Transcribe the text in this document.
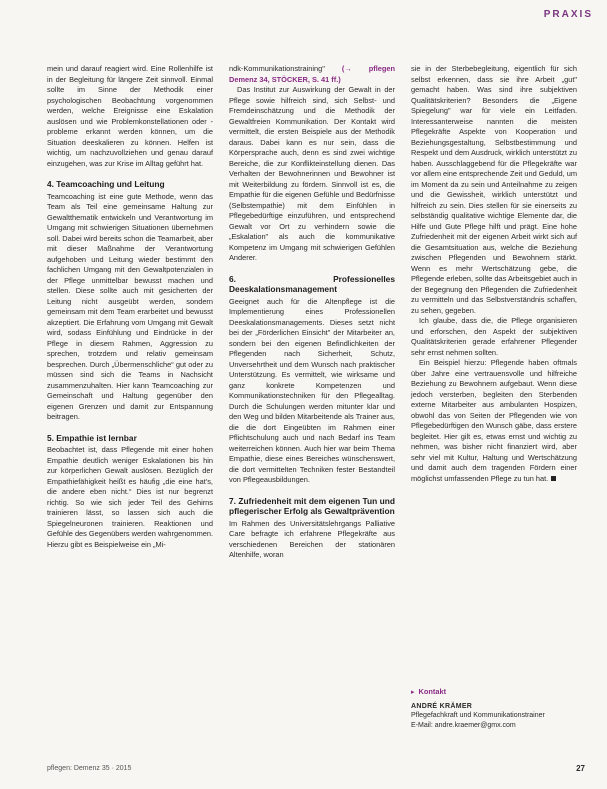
PRAXIS

mein und darauf reagiert wird. Eine Rollenhilfe ist in der Begleitung für längere Zeit sinnvoll. Einmal sollte im Sinne der Methodik einer psychologischen Beobachtung vorgenommen werden, welche Ereignisse eine Eskalation auslösen und wie Problemkonstellationen oder -probleme erkannt werden können, um die Situation deeskalieren zu können. Helfen ist wichtig, um nachzuvollziehen und genau darauf einzugehen, was zur Krise im Alltag geführt hat.

4. Teamcoaching und Leitung

Teamcoaching ist eine gute Methode, wenn das Team als Teil eine gemeinsame Haltung zur Gewaltthematik entwickeln und Verantwortung im Umgang mit schwierigen Situationen übernehmen soll. Dabei wird bereits schon die Teamarbeit, aber mit dieser Maßnahme der Verantwortung aufgehoben und Leitung wieder bestimmt den fachlichen Umgang mit den Gewaltpotenzialen in der Pflege unmittelbar bewusst machen und stellen. Diese sollte auch mit gesicherten der Leitung nicht ausgeübt werden, sondern gemeinsam mit dem Team erarbeitet und bewusst akzeptiert. Die Erfahrung vom Umgang mit Gewalt wird, sodass Einfühlung und Eindrücke in der Pflege in diesem Rahmen, Aggression zu sprechen, trotzdem und relativ gemeinsam besprechen. Durch „Übermenschliche“ gut oder zu müssen sind sich die Teams in Nachsicht zusammenzuhalten. Hier kann Teamcoaching zur Gemeinschaft und Haltung gegenüber den eigenen Grenzen und damit zur Entspannung beitragen.

5. Empathie ist lernbar

Beobachtet ist, dass Pflegende mit einer hohen Empathie deutlich weniger Eskalationen bis hin zur körperlichen Gewalt auslösen. Bezüglich der Empathiefähigkeit heißt es häufig „die eine hat's, die andere eben nicht.“ Dies ist nur begrenzt richtig. So wie sich jeder Teil des Gehirns trainieren lässt, so lassen sich auch die Spiegelneuronen trainieren. Reaktionen und Gefühle des Gegenübers werden wahrgenommen. Hierzu gibt es Beispielweise ein „Mi-

ndk-Kommunikationstraining" (→ pflegen Demenz 34, STÖCKER, S. 41 ff.)

Das Institut zur Auswirkung der Gewalt in der Pflege sowie hilfreich sind, sich Selbst- und Fremdeinschätzung und die Methodik der Gewaltfreien Kommunikation. Der Kontakt wird vermittelt, die ersten Beispiele aus der Methodik daraus. Dabei kann es nur sein, dass die Körpersprache auch, denn es sind zwei wichtige Bereiche, die zur Konflikteinstellung dienen. Das Verhalten der Bewohnerinnen und Bewohner ist mit Weiterbildung zu fördern. Sinnvoll ist es, die Empathie für die eigenen Gefühle und Bedürfnisse (Selbstempathie) mit dem Einfühlen in Pflegebedürftige einzuführen, und entsprechend Gewalt vor Ort zu verhindern sowie die „Eskalation" als auch die kommunikative Kompetenz im Umgang mit schwierigen Gefühlen Anderer.

6. Professionelles Deeskalationsmanagement

Geeignet auch für die Altenpflege ist die Implementierung eines Professionellen Deeskalationsmanagements. Dieses setzt nicht bei der „Förderlichen Einsicht" der Mitarbeiter an, sondern bei den eigenen Befindlichkeiten der Pflegenden nach Sicherheit, Schutz, Unversehrtheit und dem Wunsch nach praktischer Unterstützung. Es vermittelt, wie wirksame und ganz konkrete Kompetenzen und Kommunikationstechniken für den Pflegealltag. Durch die Schulungen werden mitunter klar und den Weg und bilden Mitarbeitende als Trainer aus, die die dort Eingeübten im Rahmen einer Pflichtschulung auch und nach Bedarf ins Team weiterreichen können. Auch hier war beim Thema Empathie, diese eines Bereiches wünschenswert, die dort vermittelten Techniken fester Bestandteil von Pflegeausbildungen.

7. Zufriedenheit mit dem eigenen Tun und pflegerischer Erfolg als Gewaltprävention

Im Rahmen des Universitätslehrgangs Palliative Care befragte ich erfahrene Pflegekräfte aus verschiedenen Bereichen der stationären Altenhilfe, woran

sie in der Sterbebegleitung, eigentlich für sich selbst erkennen, dass sie ihre Arbeit „gut" gemacht haben. Was sind ihre subjektiven Qualitätskriterien? Besonders die „Eigene Spiegelung" war für viele ein Leitfaden. Interessanterweise nannten die meisten Pflegekräfte Aspekte von Kooperation und Beziehungsgestaltung, Selbstbestimmung und Respekt und dem Ausdruck, wirklich unterstützt zu haben. Ausschlaggebend für die Pflegekräfte war vor allem eine entsprechende Zeit und Geduld, um im Moment da zu sein und Anteilnahme zu zeigen und die Gewissheit, wirklich unterstützt und hilfreich zu sein. Dies stellen für sie einerseits zu selbständig qualitative wichtige Elemente dar, die Hilfe und Gute Pflege hilft und prägt. Eine hohe Zufriedenheit mit der eigenen Arbeit wirkt sich auf die Gesamtsituation aus, welche die Beziehung zwischen Pflegenden und Bewohnern stärkt. Wenn es mehr Wertschätzung gebe, die Pflegende erleben, sollte das Arbeitsgebiet auch in der Begegnung den Pflegenden die Zufriedenheit zu vermitteln und das Selbstverständnis schaffen, zu sehen, gegeben.

Ich glaube, dass die, die Pflege organisieren und erforschen, den Aspekt der subjektiven Qualitätskriterien gerade erfahrener Pflegender sehr ernst nehmen sollten.

Ein Beispiel hierzu: Pflegende haben oftmals über Jahre eine vertrauensvolle und hilfreiche Beziehung zu Bewohnern aufgebaut. Wenn diese jedoch versterben, begleiten den Sterbenden externe Mitarbeiter aus ambulanten Hospizen, obwohl das von Seiten der Pflegenden wie von Pflegebedürftigen den Wunsch gäbe, dass erstere begleitet. Hier gilt es, etwas ernst und wichtig zu nehmen, was bisher nicht finanziert wird, aber sehr viel mit Kultur, Haltung und Wertschätzung und damit auch dem tragenden Fördern einer möglichst umfassenden Pflege zu tun hat.

▸ Kontakt
ANDRÉ KRÄMER
Pflegefachkraft und Kommunikationstrainer
E-Mail: andre.kraemer@gmx.com
pflegen: Demenz 35 · 2015	27
